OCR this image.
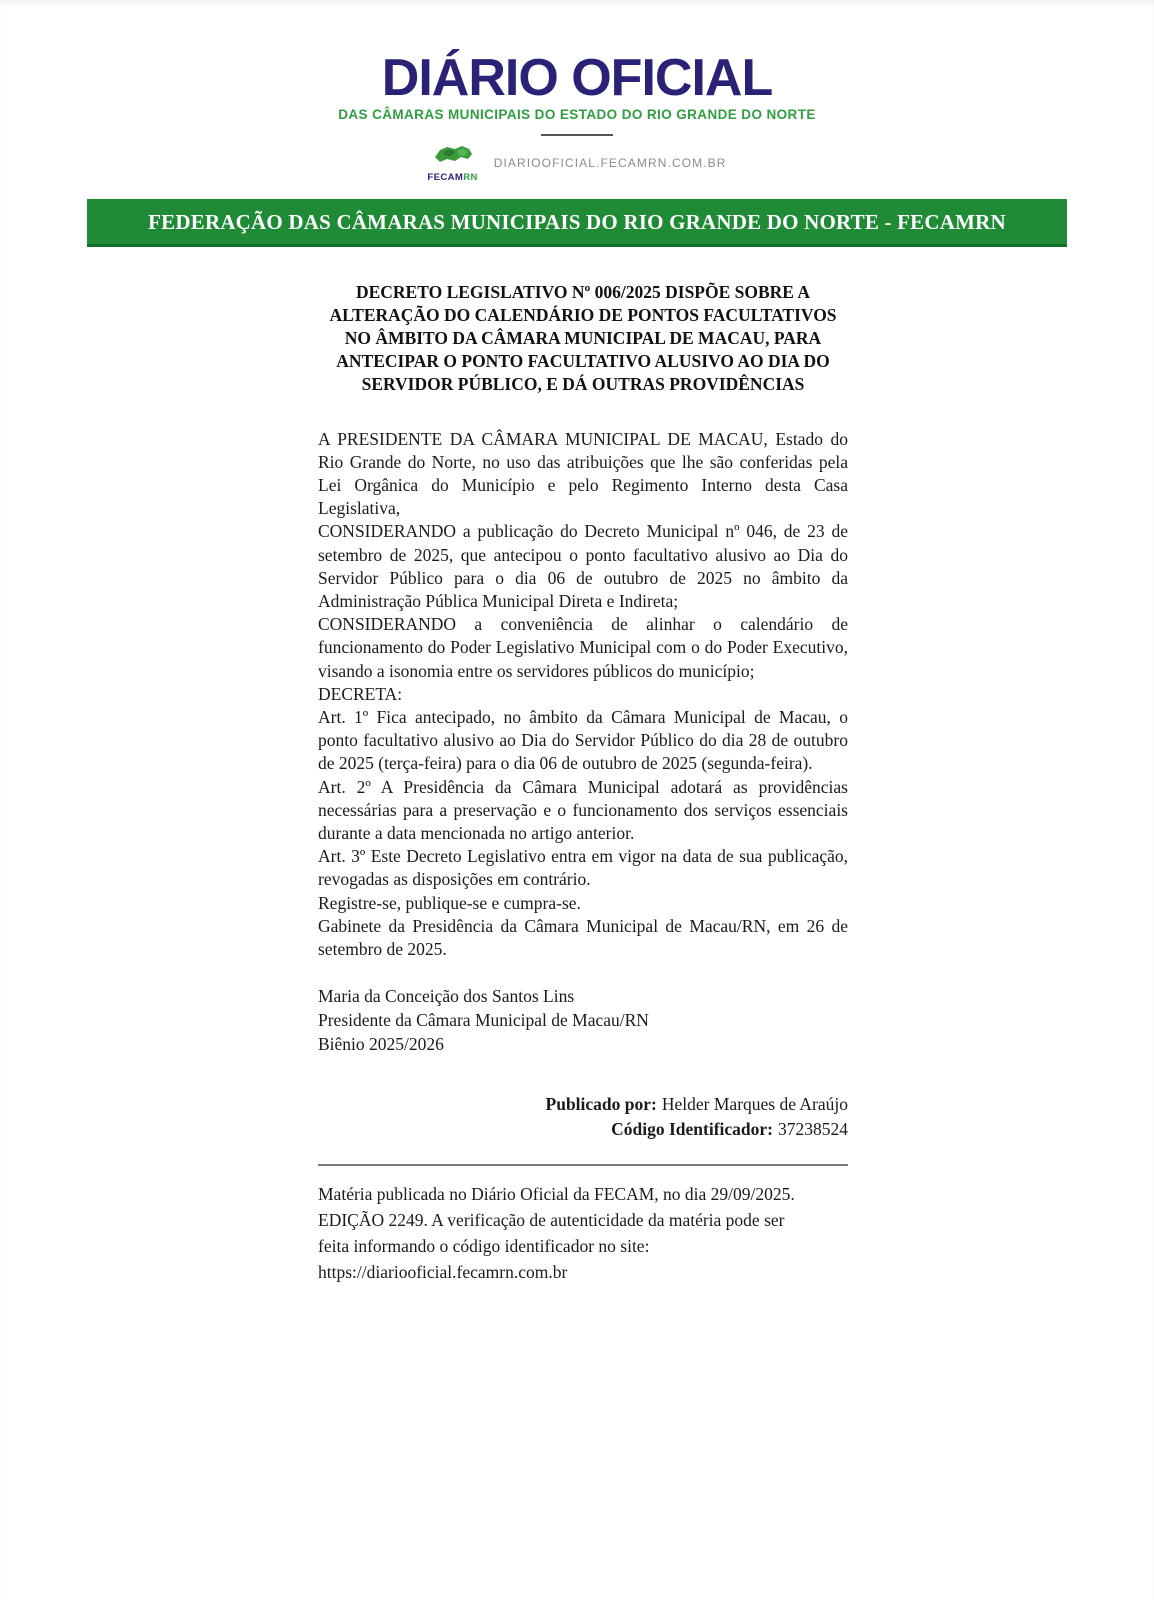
DIÁRIO OFICIAL
DAS CÂMARAS MUNICIPAIS DO ESTADO DO RIO GRANDE DO NORTE
FECAMRN
DIARIOOFICIAL.FECAMRN.COM.BR
FEDERAÇÃO DAS CÂMARAS MUNICIPAIS DO RIO GRANDE DO NORTE - FECAMRN
DECRETO LEGISLATIVO Nº 006/2025 DISPÕE SOBRE A ALTERAÇÃO DO CALENDÁRIO DE PONTOS FACULTATIVOS NO ÂMBITO DA CÂMARA MUNICIPAL DE MACAU, PARA ANTECIPAR O PONTO FACULTATIVO ALUSIVO AO DIA DO SERVIDOR PÚBLICO, E DÁ OUTRAS PROVIDÊNCIAS

A PRESIDENTE DA CÂMARA MUNICIPAL DE MACAU, Estado do Rio Grande do Norte, no uso das atribuições que lhe são conferidas pela Lei Orgânica do Município e pelo Regimento Interno desta Casa Legislativa,

CONSIDERANDO a publicação do Decreto Municipal nº 046, de 23 de setembro de 2025, que antecipou o ponto facultativo alusivo ao Dia do Servidor Público para o dia 06 de outubro de 2025 no âmbito da Administração Pública Municipal Direta e Indireta;

CONSIDERANDO a conveniência de alinhar o calendário de funcionamento do Poder Legislativo Municipal com o do Poder Executivo, visando a isonomia entre os servidores públicos do município;

DECRETA:

Art. 1º Fica antecipado, no âmbito da Câmara Municipal de Macau, o ponto facultativo alusivo ao Dia do Servidor Público do dia 28 de outubro de 2025 (terça-feira) para o dia 06 de outubro de 2025 (segunda-feira).

Art. 2º A Presidência da Câmara Municipal adotará as providências necessárias para a preservação e o funcionamento dos serviços essenciais durante a data mencionada no artigo anterior.

Art. 3º Este Decreto Legislativo entra em vigor na data de sua publicação, revogadas as disposições em contrário.

Registre-se, publique-se e cumpra-se.

Gabinete da Presidência da Câmara Municipal de Macau/RN, em 26 de setembro de 2025.

Maria da Conceição dos Santos Lins

Presidente da Câmara Municipal de Macau/RN

Biênio 2025/2026

Publicado por: Helder Marques de Araújo

Código Identificador: 37238524

Matéria publicada no Diário Oficial da FECAM, no dia 29/09/2025.

EDIÇÃO 2249. A verificação de autenticidade da matéria pode ser

feita informando o código identificador no site:

https://diariooficial.fecamrn.com.br
